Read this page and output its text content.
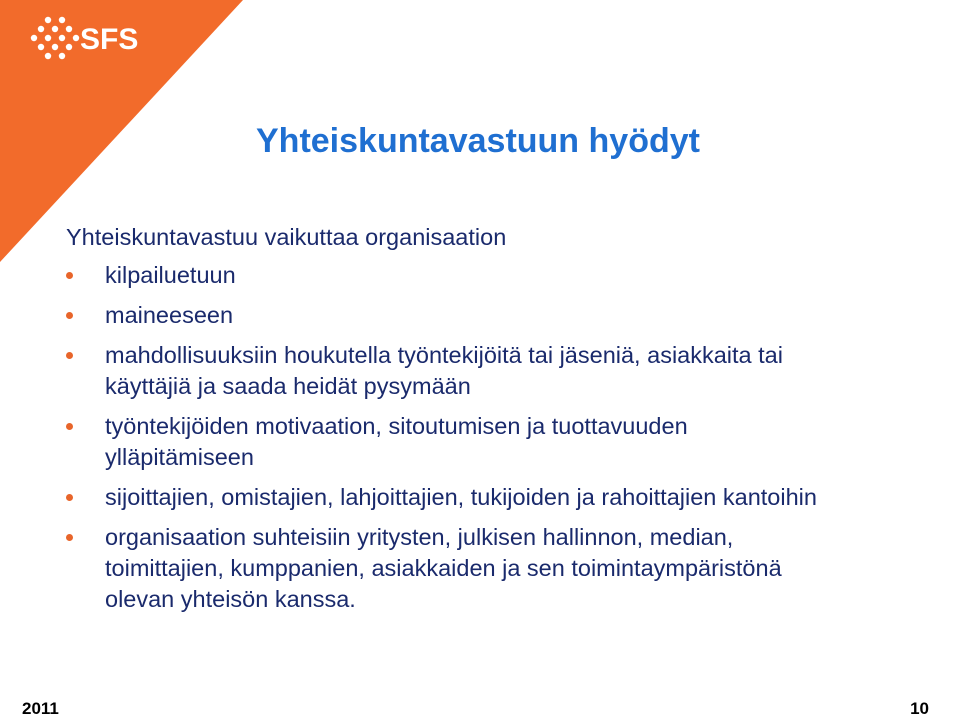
SFS
Yhteiskuntavastuun hyödyt
Yhteiskuntavastuu vaikuttaa organisaation
kilpailuetuun
maineeseen
mahdollisuuksiin houkutella työntekijöitä tai jäseniä, asiakkaita tai
käyttäjiä ja saada heidät pysymään
työntekijöiden motivaation, sitoutumisen ja tuottavuuden
ylläpitämiseen
sijoittajien, omistajien, lahjoittajien, tukijoiden ja rahoittajien kantoihin
organisaation suhteisiin yritysten, julkisen hallinnon, median,
toimittajien, kumppanien, asiakkaiden ja sen toimintaympäristönä
olevan yhteisön kanssa.
2011	10
